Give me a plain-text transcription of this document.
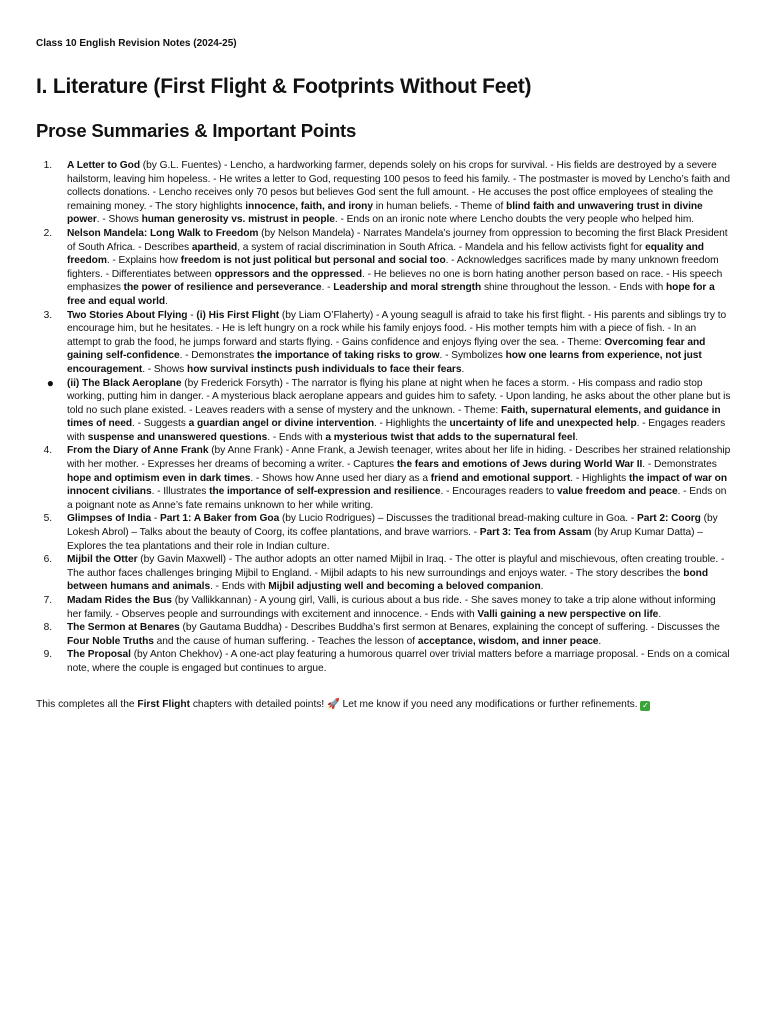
Class 10 English Revision Notes (2024-25)
I. Literature (First Flight & Footprints Without Feet)
Prose Summaries & Important Points
1. A Letter to God (by G.L. Fuentes) - Lencho, a hardworking farmer, depends solely on his crops for survival. - His fields are destroyed by a severe hailstorm, leaving him hopeless. - He writes a letter to God, requesting 100 pesos to feed his family. - The postmaster is moved by Lencho’s faith and collects donations. - Lencho receives only 70 pesos but believes God sent the full amount. - He accuses the post office employees of stealing the remaining money. - The story highlights innocence, faith, and irony in human beliefs. - Theme of blind faith and unwavering trust in divine power. - Shows human generosity vs. mistrust in people. - Ends on an ironic note where Lencho doubts the very people who helped him.
2. Nelson Mandela: Long Walk to Freedom (by Nelson Mandela) - Narrates Mandela’s journey from oppression to becoming the first Black President of South Africa. - Describes apartheid, a system of racial discrimination in South Africa. - Mandela and his fellow activists fight for equality and freedom. - Explains how freedom is not just political but personal and social too. - Acknowledges sacrifices made by many unknown freedom fighters. - Differentiates between oppressors and the oppressed. - He believes no one is born hating another person based on race. - His speech emphasizes the power of resilience and perseverance. - Leadership and moral strength shine throughout the lesson. - Ends with hope for a free and equal world.
3. Two Stories About Flying - (i) His First Flight (by Liam O’Flaherty) - A young seagull is afraid to take his first flight. - His parents and siblings try to encourage him, but he hesitates. - He is left hungry on a rock while his family enjoys food. - His mother tempts him with a piece of fish. - In an attempt to grab the food, he jumps forward and starts flying. - Gains confidence and enjoys flying over the sea. - Theme: Overcoming fear and gaining self-confidence. - Demonstrates the importance of taking risks to grow. - Symbolizes how one learns from experience, not just encouragement. - Shows how survival instincts push individuals to face their fears.
● (ii) The Black Aeroplane (by Frederick Forsyth) - The narrator is flying his plane at night when he faces a storm. - His compass and radio stop working, putting him in danger. - A mysterious black aeroplane appears and guides him to safety. - Upon landing, he asks about the other plane but is told no such plane existed. - Leaves readers with a sense of mystery and the unknown. - Theme: Faith, supernatural elements, and guidance in times of need. - Suggests a guardian angel or divine intervention. - Highlights the uncertainty of life and unexpected help. - Engages readers with suspense and unanswered questions. - Ends with a mysterious twist that adds to the supernatural feel.
4. From the Diary of Anne Frank (by Anne Frank) - Anne Frank, a Jewish teenager, writes about her life in hiding. - Describes her strained relationship with her mother. - Expresses her dreams of becoming a writer. - Captures the fears and emotions of Jews during World War II. - Demonstrates hope and optimism even in dark times. - Shows how Anne used her diary as a friend and emotional support. - Highlights the impact of war on innocent civilians. - Illustrates the importance of self-expression and resilience. - Encourages readers to value freedom and peace. - Ends on a poignant note as Anne’s fate remains unknown to her while writing.
5. Glimpses of India - Part 1: A Baker from Goa (by Lucio Rodrigues) – Discusses the traditional bread-making culture in Goa. - Part 2: Coorg (by Lokesh Abrol) – Talks about the beauty of Coorg, its coffee plantations, and brave warriors. - Part 3: Tea from Assam (by Arup Kumar Datta) – Explores the tea plantations and their role in Indian culture.
6. Mijbil the Otter (by Gavin Maxwell) - The author adopts an otter named Mijbil in Iraq. - The otter is playful and mischievous, often creating trouble. - The author faces challenges bringing Mijbil to England. - Mijbil adapts to his new surroundings and enjoys water. - The story describes the bond between humans and animals. - Ends with Mijbil adjusting well and becoming a beloved companion.
7. Madam Rides the Bus (by Vallikkannan) - A young girl, Valli, is curious about a bus ride. - She saves money to take a trip alone without informing her family. - Observes people and surroundings with excitement and innocence. - Ends with Valli gaining a new perspective on life.
8. The Sermon at Benares (by Gautama Buddha) - Describes Buddha’s first sermon at Benares, explaining the concept of suffering. - Discusses the Four Noble Truths and the cause of human suffering. - Teaches the lesson of acceptance, wisdom, and inner peace.
9. The Proposal (by Anton Chekhov) - A one-act play featuring a humorous quarrel over trivial matters before a marriage proposal. - Ends on a comical note, where the couple is engaged but continues to argue.

This completes all the First Flight chapters with detailed points! 🚀 Let me know if you need any modifications or further refinements. ✓
